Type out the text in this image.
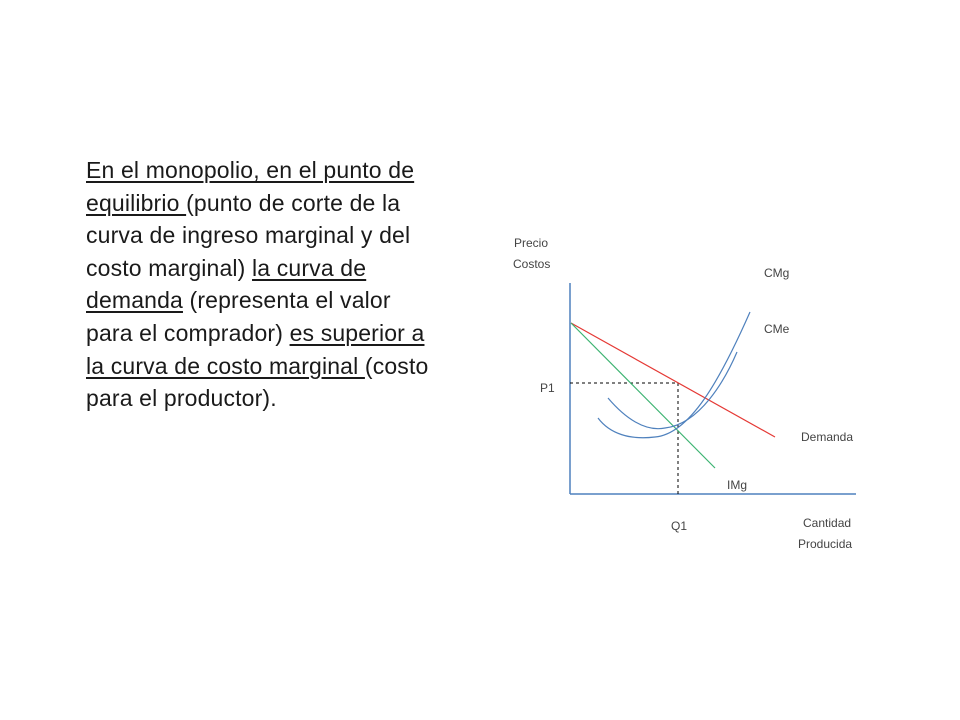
En el monopolio, en el punto de equilibrio (punto de corte de la curva de ingreso marginal y del costo marginal) la curva de demanda (representa el valor para el comprador) es superior a la curva de costo marginal (costo para el productor).
Precio
Costos
P1
Q1	Cantidad
Producida
CMg
CMe
Demanda
IMg
